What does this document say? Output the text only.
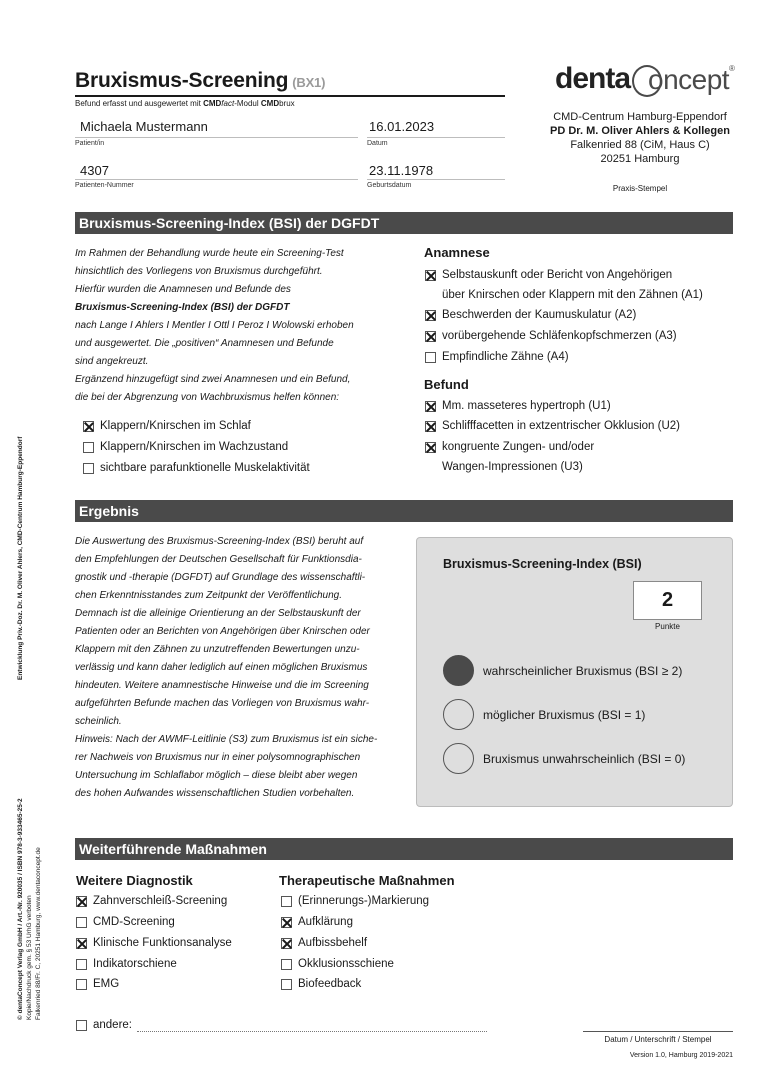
Bruxismus-Screening (BX1)
Befund erfasst und ausgewertet mit CMDfact-Modul CMDbrux
denta oncept ®
Michaela Mustermann
Patient/in
16.01.2023
Datum
4307
Patienten-Nummer
23.11.1978
Geburtsdatum
CMD-Centrum Hamburg-Eppendorf
PD Dr. M. Oliver Ahlers & Kollegen
Falkenried 88 (CiM, Haus C)
20251 Hamburg
Praxis-Stempel
Bruxismus-Screening-Index (BSI) der DGFDT
Im Rahmen der Behandlung wurde heute ein Screening-Test
hinsichtlich des Vorliegens von Bruxismus durchgeführt.
Hierfür wurden die Anamnesen und Befunde des
Bruxismus-Screening-Index (BSI) der DGFDT
nach Lange I Ahlers I Mentler I Ottl I Peroz I Wolowski erhoben
und ausgewertet. Die „positiven“ Anamnesen und Befunde
sind angekreuzt.
Ergänzend hinzugefügt sind zwei Anamnesen und ein Befund,
die bei der Abgrenzung von Wachbruxismus helfen können:
Klappern/Knirschen im Schlaf
Klappern/Knirschen im Wachzustand
sichtbare parafunktionelle Muskelaktivität
Anamnese
Selbstauskunft oder Bericht von Angehörigen
über Knirschen oder Klappern mit den Zähnen (A1)
Beschwerden der Kaumuskulatur (A2)
vorübergehende Schläfenkopfschmerzen (A3)
Empfindliche Zähne (A4)
Befund
Mm. masseteres hypertroph (U1)
Schlifffacetten in extzentrischer Okklusion (U2)
kongruente Zungen- und/oder
Wangen-Impressionen (U3)
Ergebnis
Die Auswertung des Bruxismus-Screening-Index (BSI) beruht auf
den Empfehlungen der Deutschen Gesellschaft für Funktionsdia-
gnostik und -therapie (DGFDT) auf Grundlage des wissenschaftli-
chen Erkenntnisstandes zum Zeitpunkt der Veröffentlichung.
Demnach ist die alleinige Orientierung an der Selbstauskunft der
Patienten oder an Berichten von Angehörigen über Knirschen oder
Klappern mit den Zähnen zu unzutreffenden Bewertungen unzu-
verlässig und kann daher lediglich auf einen möglichen Bruxismus
hindeuten. Weitere anamnestische Hinweise und die im Screening
aufgeführten Befunde machen das Vorliegen von Bruxismus wahr-
scheinlich.
Hinweis: Nach der AWMF-Leitlinie (S3) zum Bruxismus ist ein siche-
rer Nachweis von Bruxismus nur in einer polysomnographischen
Untersuchung im Schlaflabor möglich – diese bleibt aber wegen
des hohen Aufwandes wissenschaftlichen Studien vorbehalten.
Bruxismus-Screening-Index (BSI)
2
Punkte
wahrscheinlicher Bruxismus (BSI ≥ 2)
möglicher Bruxismus (BSI = 1)
Bruxismus unwahrscheinlich (BSI = 0)
Weiterführende Maßnahmen
Weitere Diagnostik
Zahnverschleiß-Screening
CMD-Screening
Klinische Funktionsanalyse
Indikatorschiene
EMG
Therapeutische Maßnahmen
(Erinnerungs-)Markierung
Aufklärung
Aufbissbehelf
Okklusionsschiene
Biofeedback
andere:
Datum / Unterschrift / Stempel
Version 1.0, Hamburg 2019-2021
Entwicklung Priv.-Doz. Dr. M. Oliver Ahlers, CMD-Centrum Hamburg-Eppendorf
© dentaConcept Verlag GmbH / Art.-Nr. 920035 / ISBN 978-3-933465-25-2 Kopie/Nachdruck gem. § 53 UrhG verboten Falkenried 88/Fr. C, 20251 Hamburg, www.dentaconcept.de
